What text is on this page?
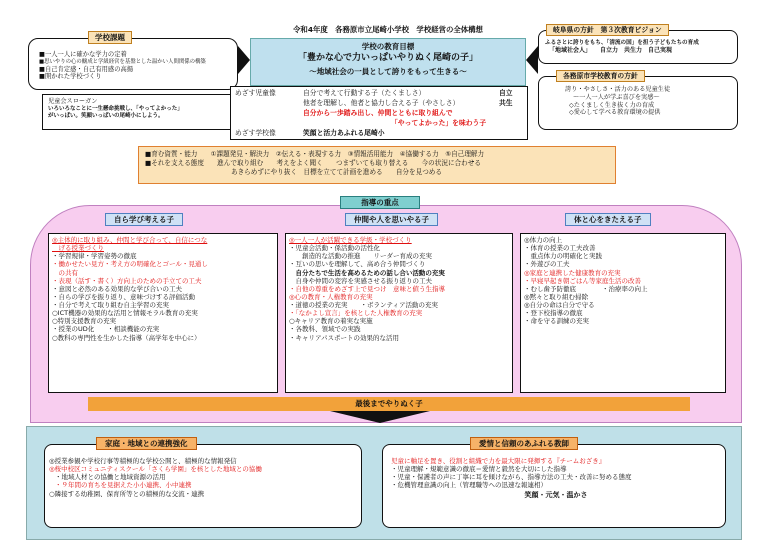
■一人一人に確かな学力の定着
■思いやりの心の醸成と学級経営を基盤とした温かい人間関係の構築
■自己肯定感・自己有用感の高揚
■開かれた学校づくり
学校課題
児童会スローガン
いろいろなことに一生懸命挑戦し、「やってよかった」
がいっぱい。笑顔いっぱいの尾崎小にしよう。
令和4年度　各務原市立尾崎小学校　学校経営の全体構想
学校の教育目標
「豊かな心で力いっぱいやりぬく尾崎の子」
～地域社会の一員として誇りをもって生きる～
ふるさとに誇りをもち、「清流の国」を担う子どもたちの育成
「地域社会人」　　自立力　共生力　自己実現
岐阜県の方針　第３次教育ビジョン
誇り・やさしさ・活力のある児童生徒
～一人一人が学ぶ喜びを実感～
◇たくましく生き抜く力の育成
◇愛心して学べる教育環境の提供
各務原市学校教育の方針
めざす児童像	自分で考えて行動する子（たくましさ）	自立
他者を理解し、他者と協力し合える子（やさしさ）	共生
自分から一歩踏み出し、仲間とともに取り組んで
「やってよかった」を味わう子
めざす学校像	笑顔と活力あふれる尾崎小
■育む資質・能力　　①課題発見・解決力　②伝える・表現する力　③情報活用能力　④協働する力　⑤自己理解力
■それを支える態度　　進んで取り組む　　考えをよく聞く　　つまずいても取り替える　　今の状況に合わせる
あきらめずにやり抜く　目標を立てて計画を進める　　自分を見つめる
指導の重点
◎主体的に取り組み、仲間と学び合って、自信につな
　げる授業づくり
・学習規律・学習姿勢の徹底
・働かせたい見方・考え方の明確化とゴール・見通し
　の共有
・表現（話す・書く）方向上のための手立ての工夫
・意図と必然のある効果的な学び合いの工夫
・自らの学びを振り返り、意味づけする評価活動
・自分で考えて取り組む自主学習の充実
○ICT機器の効果的な活用と情報モラル教育の充実
○特別支援教育の充実
・授業のUD化　　・相談機能の充実
○教科の専門性を生かした指導（高学年を中心に）
自ら学び考える子
◎一人一人が活躍できる学級・学校づくり
・児童会活動・係活動の活性化
　　創造的な活動の推進　　リーダー育成の充実
・互いの思いを理解して、高め合う仲間づくり
　自分たちで生活を高めるための話し合い活動の充実
　自身や仲間の変容を実感させる振り返りの工夫
・自他の尊重をめざす上で見つけ　意味と値う生指導
◎心の教育・人権教育の充実
・道徳の授業の充実　　・ボランティア活動の充実
・「なかよし宣言」を核とした人権教育の充実
○キャリア教育の着実な実施
・各教科、領域での実践
・キャリアパスポートの効果的な活用
仲間や人を思いやる子
◎体力の向上
・体育の授業の工夫改善
　重点体力の明確化と実践
・外遊びの工夫
◎家庭と連携した健康教育の充実
・早寝早起き朝ごはん等家庭生活の改善
・むし歯予防徹底　　　　・治療率の向上
◎黙々と取り組む掃除
◎自分の命は自分で守る
・登下校指導の徹底
・命を守る訓練の充実
体と心をきたえる子
最後までやりぬく子
◎授業参観や学校行事等積極的な学校公開と、積極的な情報発信
◎桜中校区コミュニティスクール「さくら学園」を核とした地域との協働
・地域人材との協働と地域資源の活用
・９年間の育ちを見据えた小小連携、小中連携
○隣接する幼稚園、保育所等との積極的な交流・連携
家庭・地域との連携強化
児童に軸足を置き、役割と組織で力を最大限に発揮する『チームおざき』
・児童理解・規範意識の徹底＝愛情と毅然を大切にした指導
・児童・保護者の声に丁寧に耳を傾けながら、指導方法の工夫・改善に努める態度
・危機管理意識の向上（管理職等への迅速な報連相）
笑顔・元気・温かさ
愛情と信頼のあふれる教師
